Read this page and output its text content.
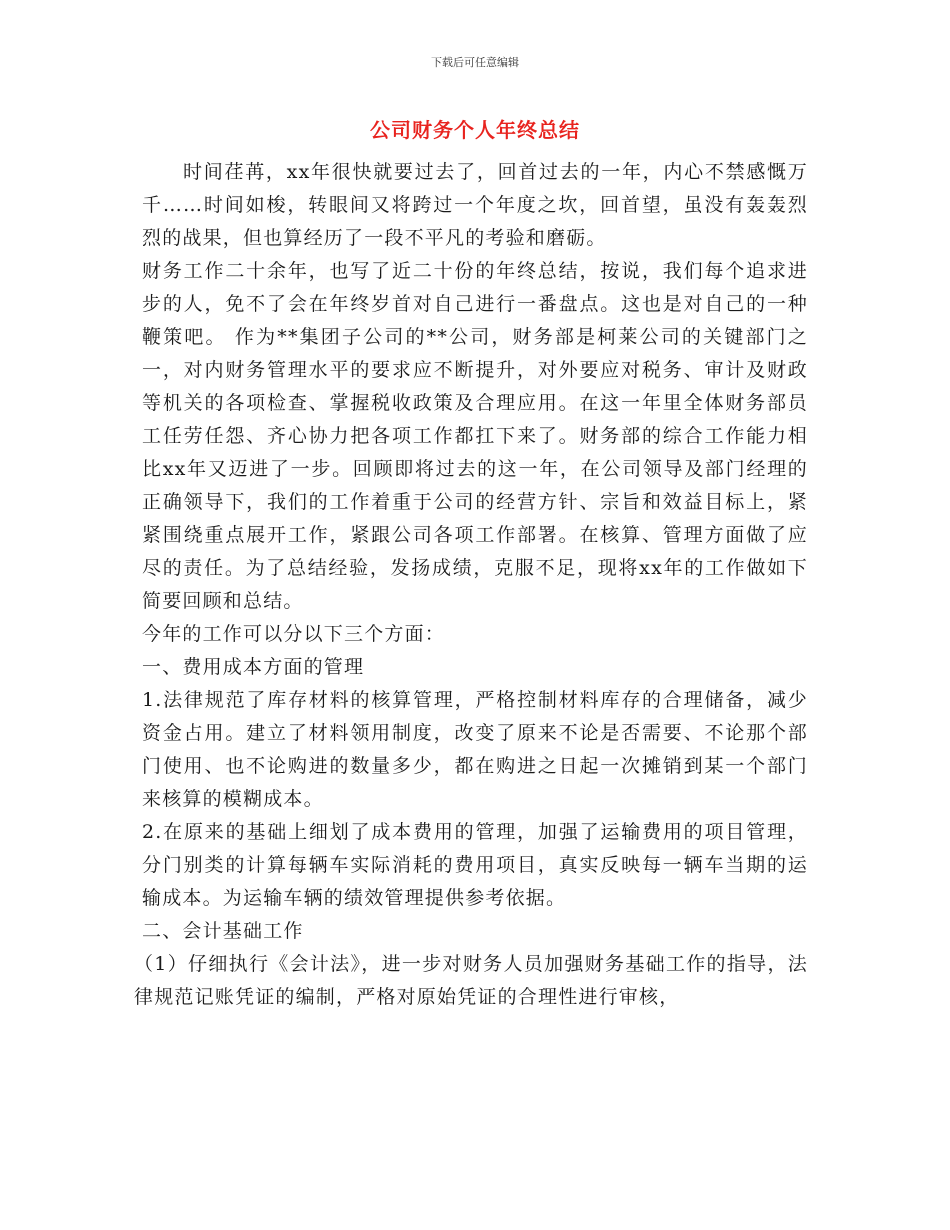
下载后可任意编辑
公司财务个人年终总结

时间荏苒，xx年很快就要过去了，回首过去的一年，内心不禁感慨万千……时间如梭，转眼间又将跨过一个年度之坎，回首望，虽没有轰轰烈烈的战果，但也算经历了一段不平凡的考验和磨砺。

财务工作二十余年，也写了近二十份的年终总结，按说，我们每个追求进步的人，免不了会在年终岁首对自己进行一番盘点。这也是对自己的一种鞭策吧。 作为**集团子公司的**公司，财务部是柯莱公司的关键部门之一，对内财务管理水平的要求应不断提升，对外要应对税务、审计及财政等机关的各项检查、掌握税收政策及合理应用。在这一年里全体财务部员工任劳任怨、齐心协力把各项工作都扛下来了。财务部的综合工作能力相比xx年又迈进了一步。回顾即将过去的这一年，在公司领导及部门经理的正确领导下，我们的工作着重于公司的经营方针、宗旨和效益目标上，紧紧围绕重点展开工作，紧跟公司各项工作部署。在核算、管理方面做了应尽的责任。为了总结经验，发扬成绩，克服不足，现将xx年的工作做如下简要回顾和总结。

今年的工作可以分以下三个方面：

一、费用成本方面的管理

1.法律规范了库存材料的核算管理，严格控制材料库存的合理储备，减少资金占用。建立了材料领用制度，改变了原来不论是否需要、不论那个部门使用、也不论购进的数量多少，都在购进之日起一次摊销到某一个部门来核算的模糊成本。

2.在原来的基础上细划了成本费用的管理，加强了运输费用的项目管理，分门别类的计算每辆车实际消耗的费用项目，真实反映每一辆车当期的运输成本。为运输车辆的绩效管理提供参考依据。

二、会计基础工作

（1）仔细执行《会计法》，进一步对财务人员加强财务基础工作的指导，法律规范记账凭证的编制，严格对原始凭证的合理性进行审核，
